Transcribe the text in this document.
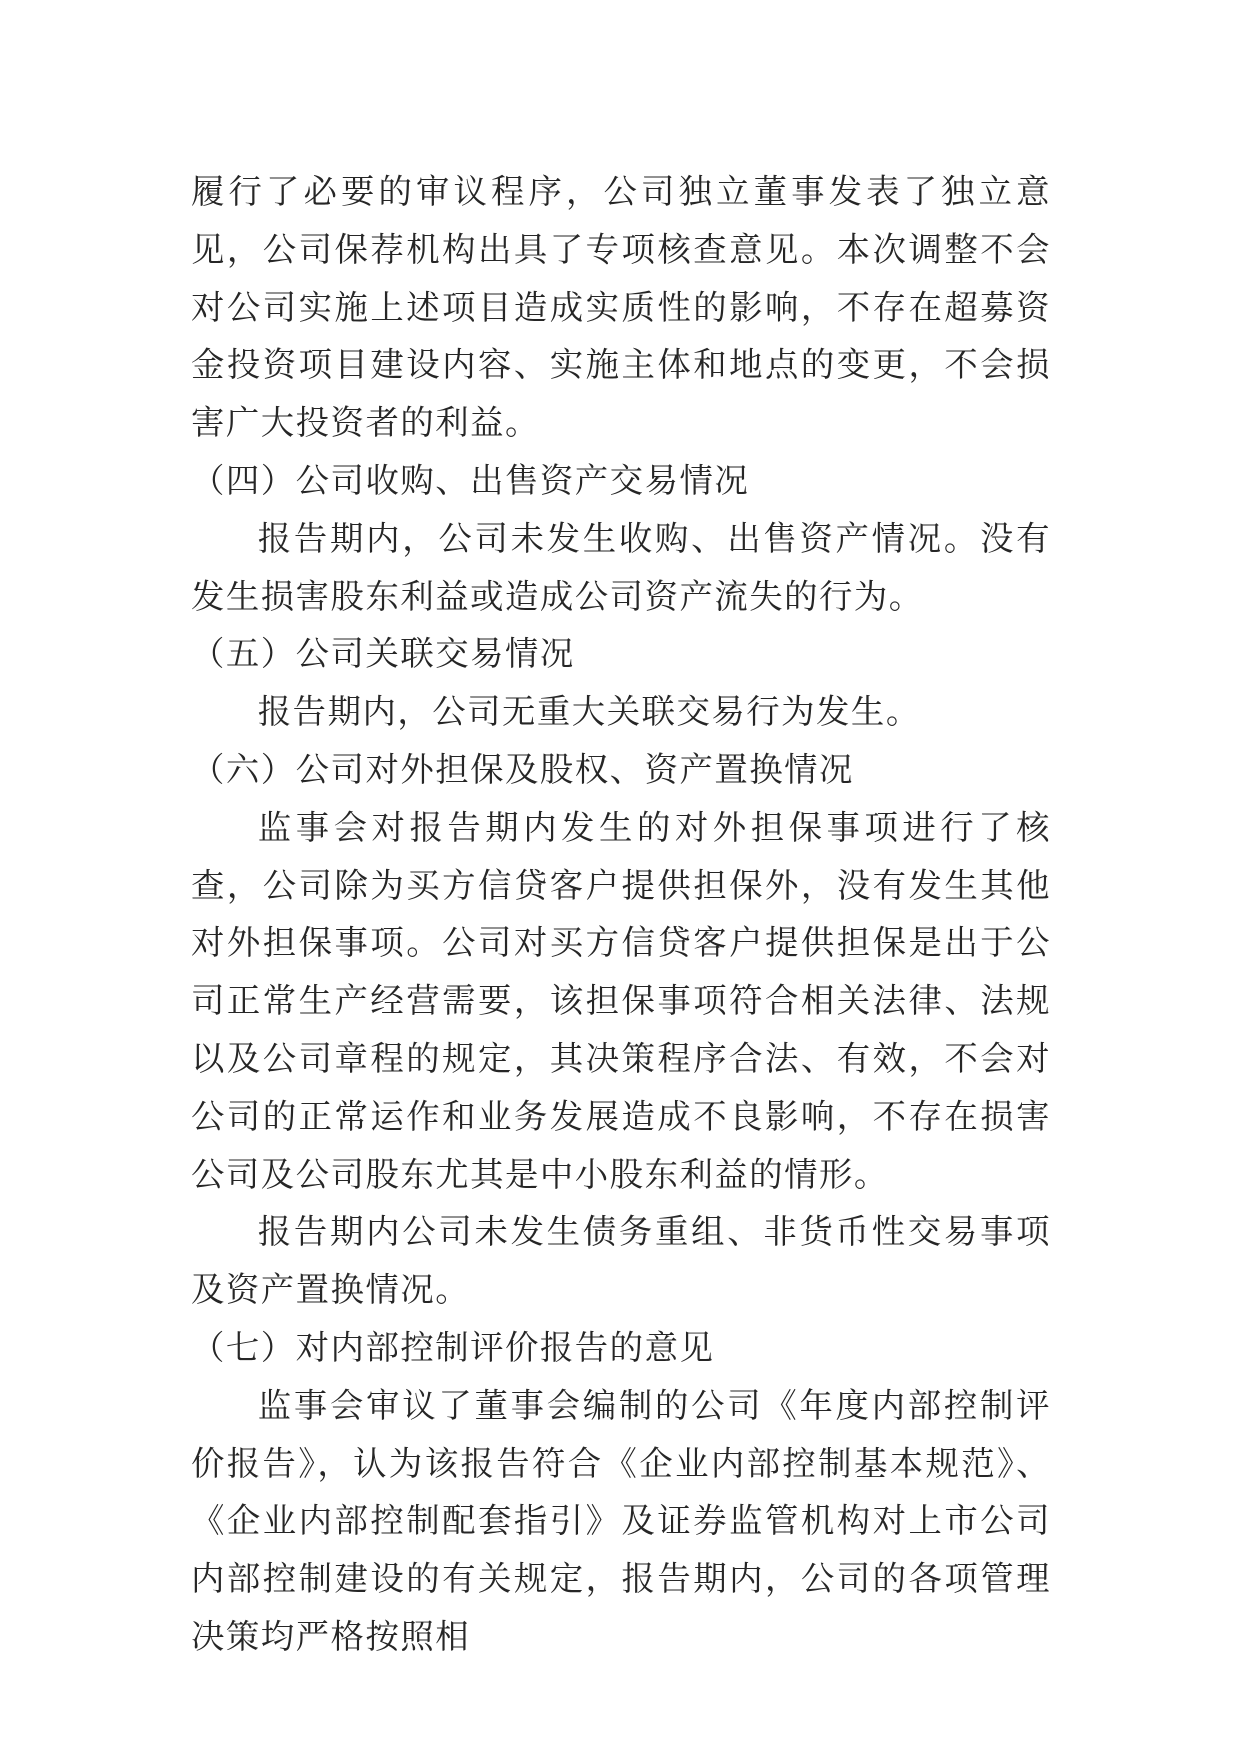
履行了必要的审议程序，公司独立董事发表了独立意见，公司保荐机构出具了专项核查意见。本次调整不会对公司实施上述项目造成实质性的影响，不存在超募资金投资项目建设内容、实施主体和地点的变更，不会损害广大投资者的利益。

（四）公司收购、出售资产交易情况

报告期内，公司未发生收购、出售资产情况。没有发生损害股东利益或造成公司资产流失的行为。

（五）公司关联交易情况

报告期内，公司无重大关联交易行为发生。

（六）公司对外担保及股权、资产置换情况

监事会对报告期内发生的对外担保事项进行了核查，公司除为买方信贷客户提供担保外，没有发生其他对外担保事项。公司对买方信贷客户提供担保是出于公司正常生产经营需要，该担保事项符合相关法律、法规以及公司章程的规定，其决策程序合法、有效，不会对公司的正常运作和业务发展造成不良影响，不存在损害公司及公司股东尤其是中小股东利益的情形。

报告期内公司未发生债务重组、非货币性交易事项及资产置换情况。

（七）对内部控制评价报告的意见

监事会审议了董事会编制的公司《年度内部控制评价报告》，认为该报告符合《企业内部控制基本规范》、《企业内部控制配套指引》及证券监管机构对上市公司内部控制建设的有关规定，报告期内，公司的各项管理决策均严格按照相
